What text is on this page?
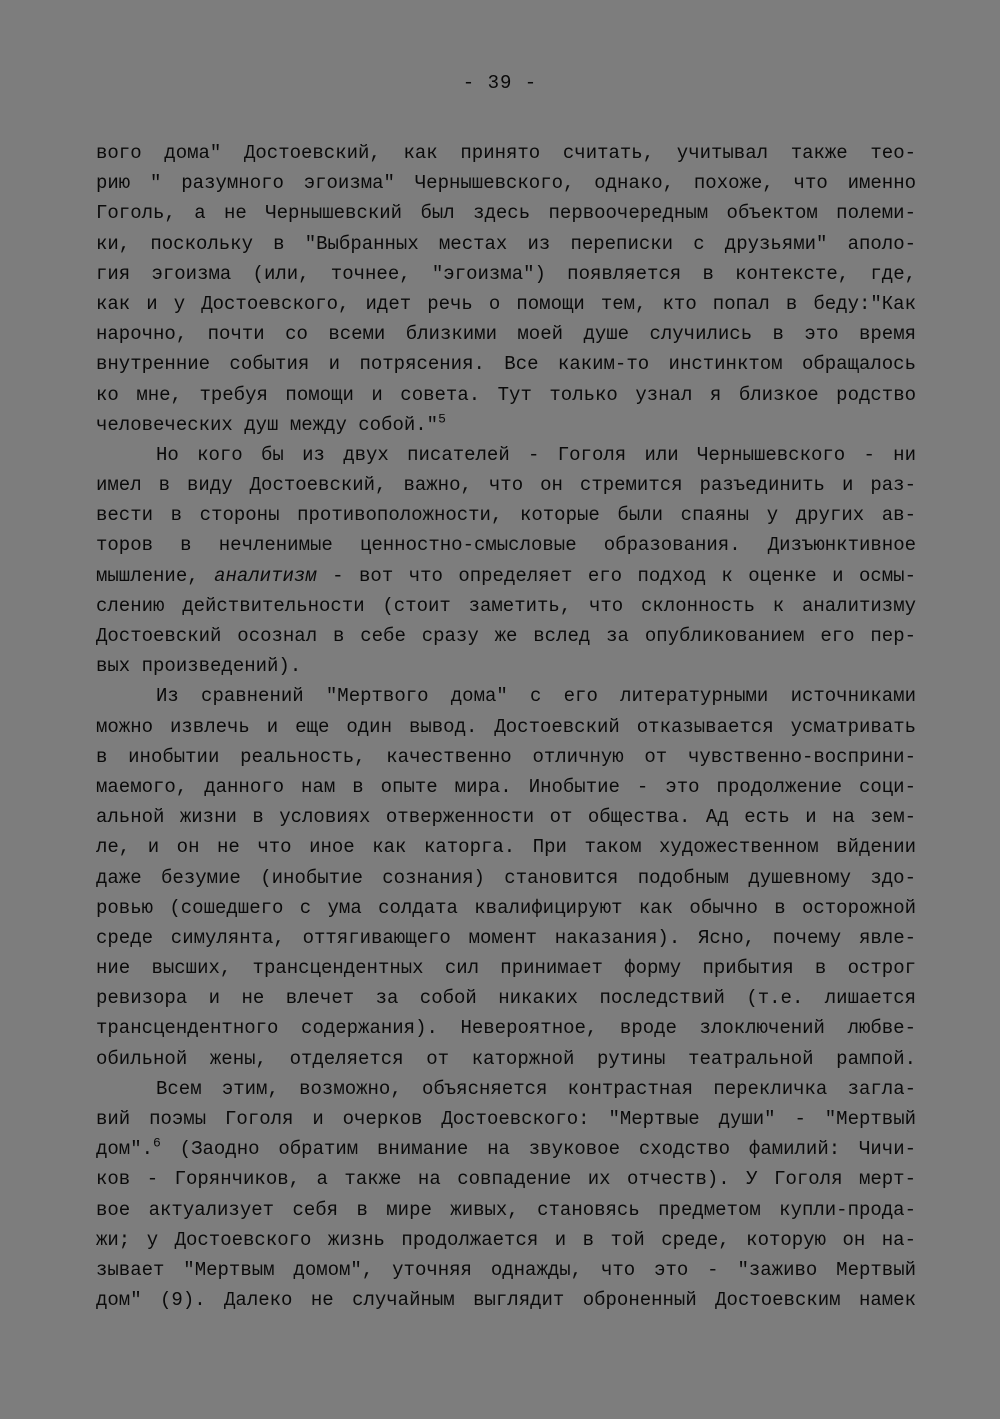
- 39 -
вого дома" Достоевский, как принято считать, учитывал также тео-
рию " разумного эгоизма" Чернышевского, однако, похоже, что именно
Гоголь, а не Чернышевский был здесь первоочередным объектом полеми-
ки, поскольку в "Выбранных местах из переписки с друзьями" аполо-
гия эгоизма (или, точнее, "эгоизма") появляется в контексте, где,
как и у Достоевского, идет речь о помощи тем, кто попал в беду:"Как
нарочно, почти со всеми близкими моей душе случились в это время
внутренние события и потрясения. Все каким-то инстинктом обращалось
ко мне, требуя помощи и совета. Тут только узнал я близкое родство
человеческих душ между собой."$^5$
Но кого бы из двух писателей - Гоголя или Чернышевского - ни
имел в виду Достоевский, важно, что он стремится разъединить и раз-
вести в стороны противоположности, которые были спаяны у других ав-
торов в нечленимые ценностно-смысловые образования. Дизъюнктивное
мышление, аналитизм - вот что определяет его подход к оценке и осмы-
слению действительности (стоит заметить, что склонность к аналитизму
Достоевский осознал в себе сразу же вслед за опубликованием его пер-
вых произведений).
Из сравнений "Мертвого дома" с его литературными источниками
можно извлечь и еще один вывод. Достоевский отказывается усматривать
в инобытии реальность, качественно отличную от чувственно-восприни-
маемого, данного нам в опыте мира. Инобытие - это продолжение соци-
альной жизни в условиях отверженности от общества. Ад есть и на зем-
ле, и он не что иное как каторга. При таком художественном вйдении
даже безумие (инобытие сознания) становится подобным душевному здо-
ровью (сошедшего с ума солдата квалифицируют как обычно в осторожной
среде симулянта, оттягивающего момент наказания). Ясно, почему явле-
ние высших, трансцендентных сил принимает форму прибытия в острог
ревизора и не влечет за собой никаких последствий (т.е. лишается
трансцендентного содержания). Невероятное, вроде злоключений любве-
обильной жены, отделяется от каторжной рутины театральной рампой.
Всем этим, возможно, объясняется контрастная перекличка загла-
вий поэмы Гоголя и очерков Достоевского: "Мертвые души" - "Мертвый
дом".$^6$ (Заодно обратим внимание на звуковое сходство фамилий: Чичи-
ков - Горянчиков, а также на совпадение их отчеств). У Гоголя мерт-
вое актуализует себя в мире живых, становясь предметом купли-прода-
жи; у Достоевского жизнь продолжается и в той среде, которую он на-
зывает "Мертвым домом", уточняя однажды, что это - "заживо Мертвый
дом" (9). Далеко не случайным выглядит оброненный Достоевским намек
